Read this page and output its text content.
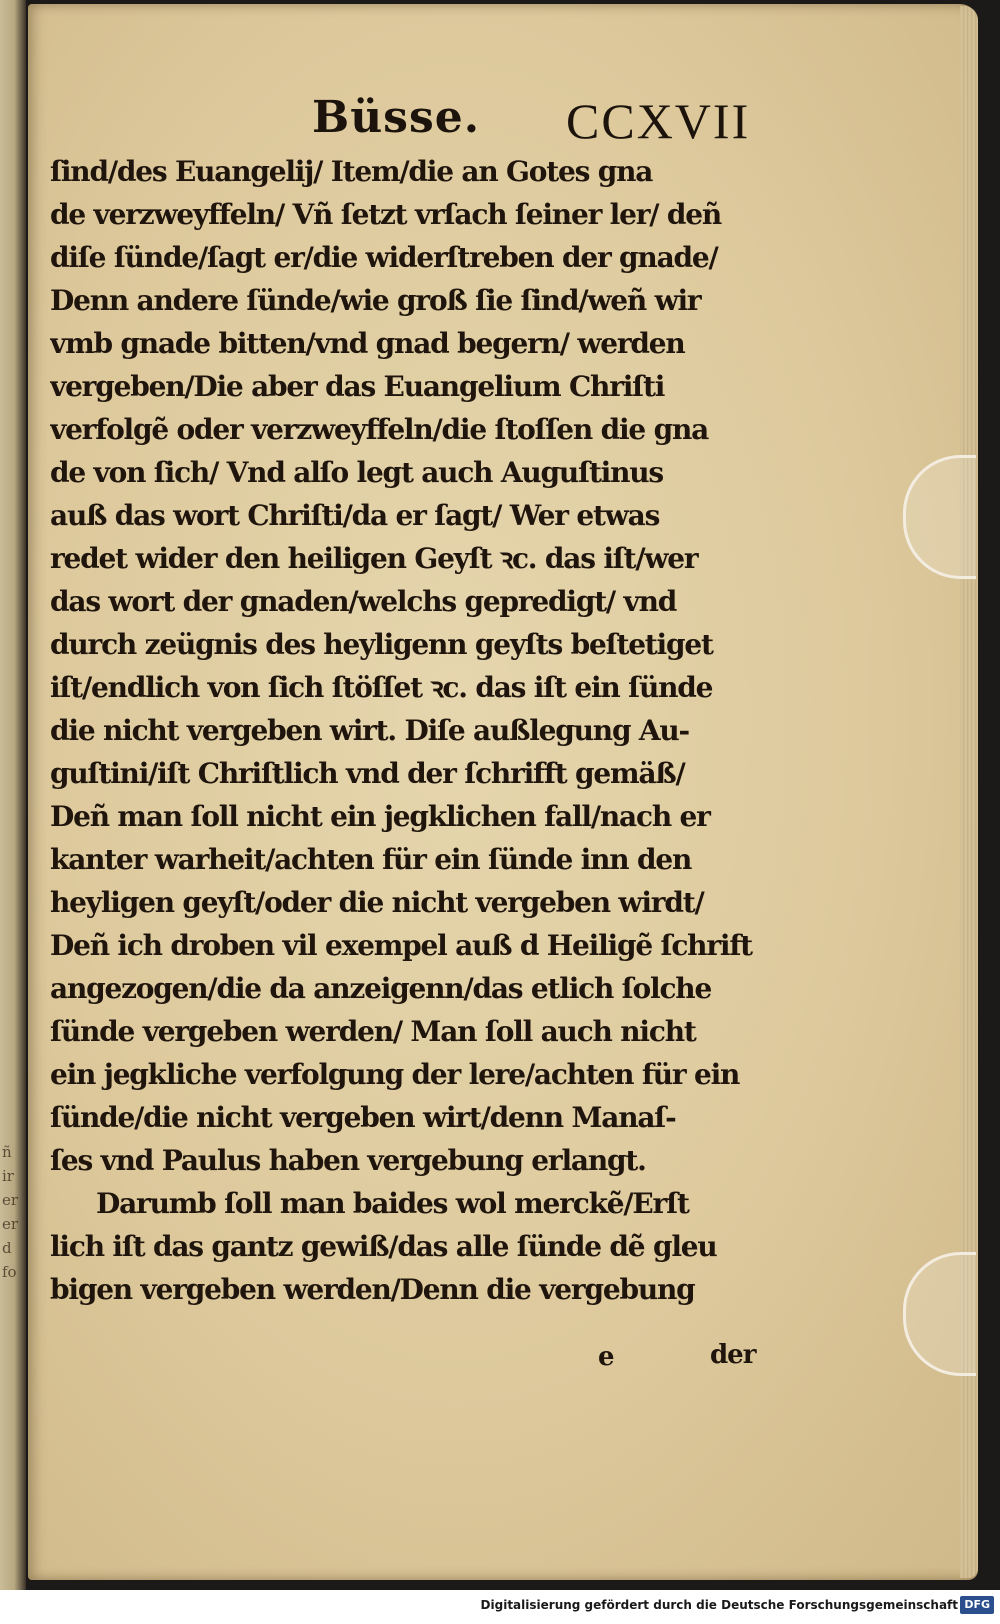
ñ ir er erd fo
Büsse. CCXVII
ſind/des Euangelij/ Item/die an Gotes gna
de verzweyffeln/ Vñ ſetzt vrſach ſeiner ler/ deñ
diſe ſünde/ſagt er/die widerſtreben der gnade/
Denn andere ſünde/wie groß ſie ſind/weñ wir
vmb gnade bitten/vnd gnad begern/ werden
vergeben/Die aber das Euangelium Chriſti
verfolgẽ oder verzweyffeln/die ſtoſſen die gna
de von ſich/ Vnd alſo legt auch Auguſtinus
auß das wort Chriſti/da er ſagt/ Wer etwas
redet wider den heiligen Geyſt ꝛc. das iſt/wer
das wort der gnaden/welchs gepredigt/ vnd
durch zeügnis des heyligenn geyſts beſtetiget
iſt/endlich von ſich ſtöſſet ꝛc. das iſt ein ſünde
die nicht vergeben wirt. Diſe außlegung Au-
guſtini/iſt Chriſtlich vnd der ſchrifft gemäß/
Deñ man ſoll nicht ein jegklichen fall/nach er
kanter warheit/achten für ein ſünde inn den
heyligen geyſt/oder die nicht vergeben wirdt/
Deñ ich droben vil exempel auß d Heiligẽ ſchrift
angezogen/die da anzeigenn/das etlich ſolche
ſünde vergeben werden/ Man ſoll auch nicht
ein jegkliche verfolgung der lere/achten für ein
ſünde/die nicht vergeben wirt/denn Manaſ-
ſes vnd Paulus haben vergebung erlangt.
Darumb ſoll man baides wol merckẽ/Erſt
lich iſt das gantz gewiß/das alle ſünde dẽ gleu
bigen vergeben werden/Denn die vergebung
e	der
Digitalisierung gefördert durch die Deutsche Forschungsgemeinschaft DFG
